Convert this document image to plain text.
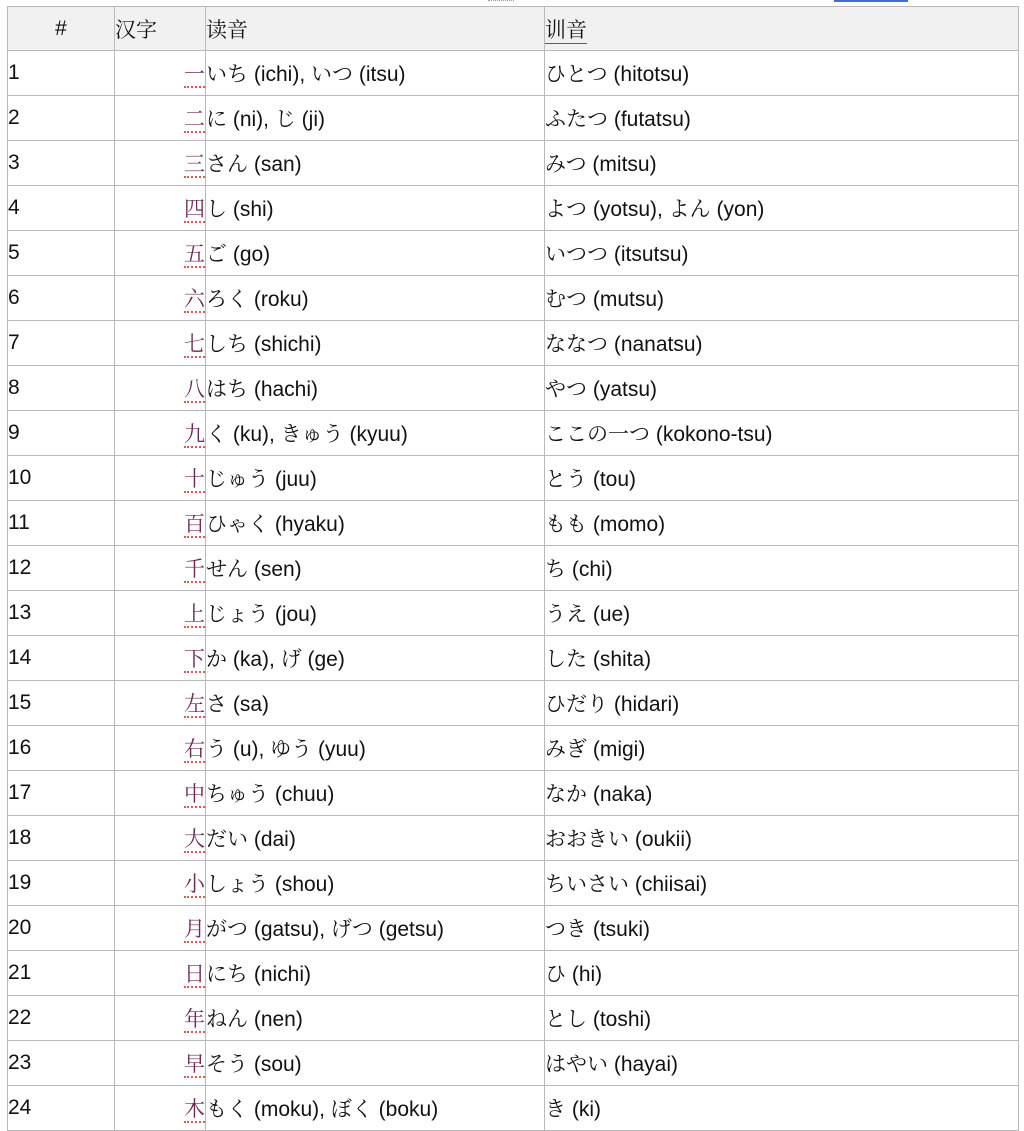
#	汉字	读音	训音
1	一	いち (ichi), いつ (itsu)	ひとつ (hitotsu)
2	二	に (ni), じ (ji)	ふたつ (futatsu)
3	三	さん (san)	みつ (mitsu)
4	四	し (shi)	よつ (yotsu), よん (yon)
5	五	ご (go)	いつつ (itsutsu)
6	六	ろく (roku)	むつ (mutsu)
7	七	しち (shichi)	ななつ (nanatsu)
8	八	はち (hachi)	やつ (yatsu)
9	九	く (ku), きゅう (kyuu)	ここの一つ (kokono-tsu)
10	十	じゅう (juu)	とう (tou)
11	百	ひゃく (hyaku)	もも (momo)
12	千	せん (sen)	ち (chi)
13	上	じょう (jou)	うえ (ue)
14	下	か (ka), げ (ge)	した (shita)
15	左	さ (sa)	ひだり (hidari)
16	右	う (u), ゆう (yuu)	みぎ (migi)
17	中	ちゅう (chuu)	なか (naka)
18	大	だい (dai)	おおきい (oukii)
19	小	しょう (shou)	ちいさい (chiisai)
20	月	がつ (gatsu), げつ (getsu)	つき (tsuki)
21	日	にち (nichi)	ひ (hi)
22	年	ねん (nen)	とし (toshi)
23	早	そう (sou)	はやい (hayai)
24	木	もく (moku), ぼく (boku)	き (ki)
